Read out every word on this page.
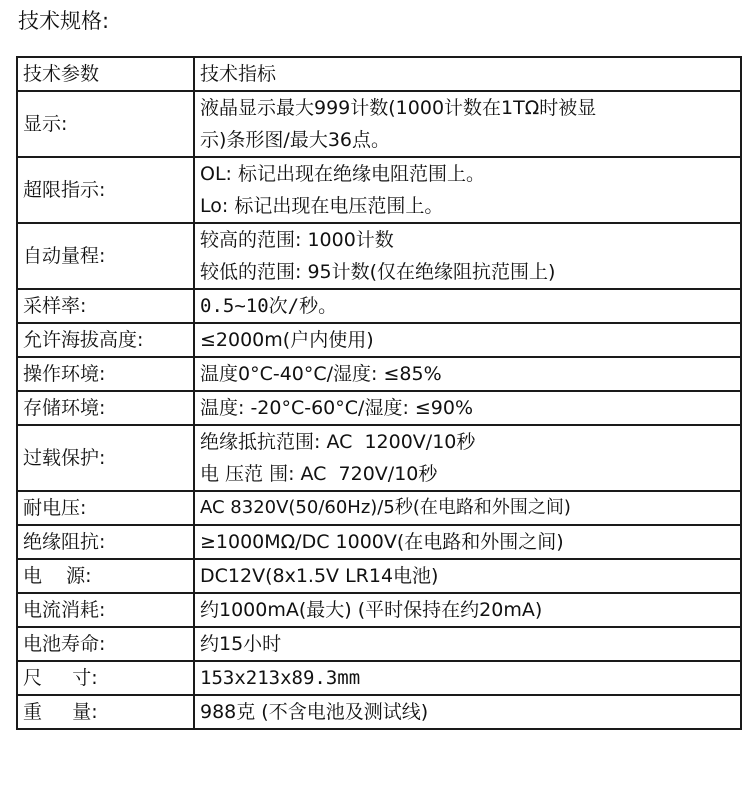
技术规格:
技术参数	技术指标
显示:	液晶显示最大999计数(1000计数在1TΩ时被显
示)条形图/最大36点。

超限指示:	OL: 标记出现在绝缘电阻范围上。
Lo: 标记出现在电压范围上。

自动量程:	较高的范围: 1000计数
较低的范围: 95计数(仅在绝缘阻抗范围上)

采样率:	0.5~10次/秒。

允许海拔高度:	≤2000m(户内使用)

操作环境:	温度0°C-40°C/湿度: ≤85%

存储环境:	温度: -20°C-60°C/湿度: ≤90%

过载保护:	绝缘抵抗范围: AC  1200V/10秒
电 压范 围: AC  720V/10秒

耐电压:	AC 8320V(50/60Hz)/5秒(在电路和外围之间)

绝缘阻抗:	≥1000MΩ/DC 1000V(在电路和外围之间)

电    源:	DC12V(8x1.5V LR14电池)

电流消耗:	约1000mA(最大) (平时保持在约20mA)

电池寿命:	约15小时

尺     寸:	153x213x89.3mm

重     量:	988克 (不含电池及测试线)
